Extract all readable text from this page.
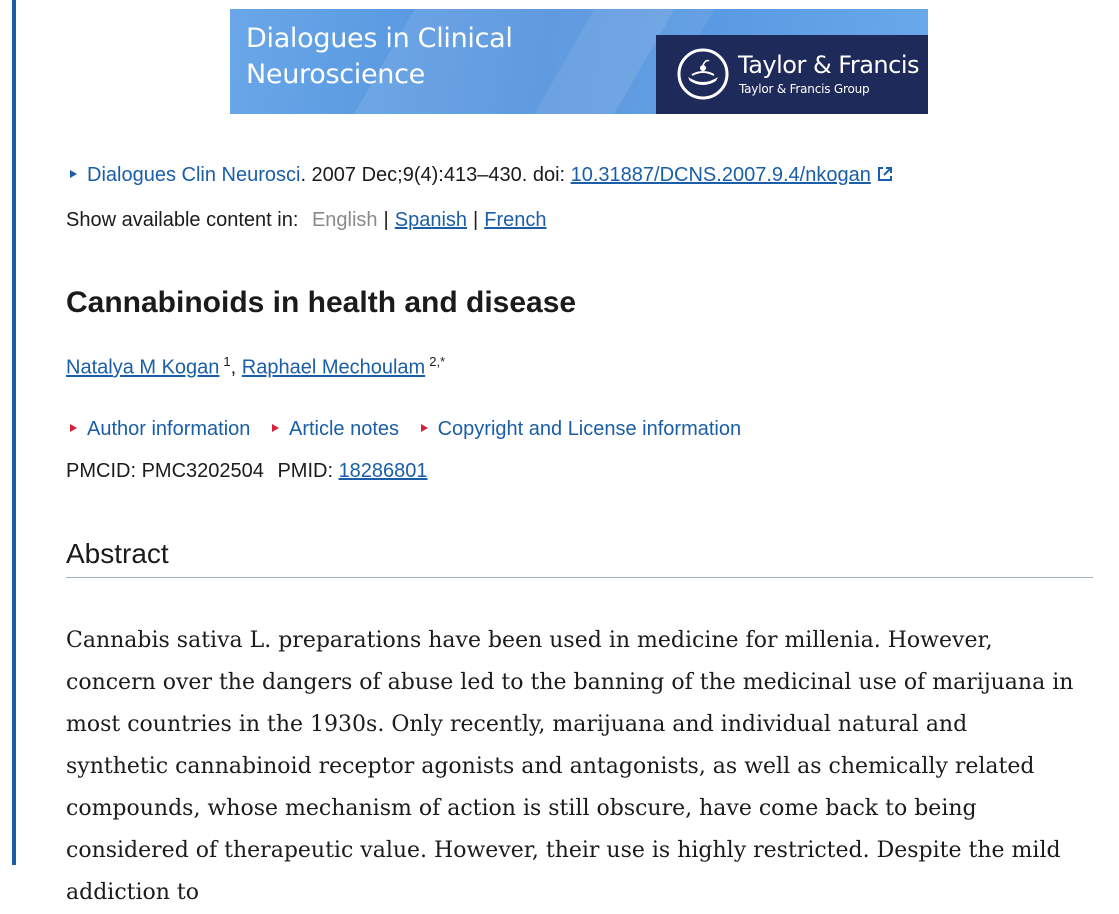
Dialogues in Clinical Neuroscience	Taylor & Francis
Taylor & Francis Group
Dialogues Clin Neurosci. 2007 Dec;9(4):413–430. doi: 10.31887/DCNS.2007.9.4/nkogan
Show available content in: English | Spanish | French
Cannabinoids in health and disease
Natalya M Kogan $^1$, Raphael Mechoulam $^{2,*}$
Author information Article notes Copyright and License information
PMCID: PMC3202504 PMID: 18286801
Abstract

Cannabis sativa L. preparations have been used in medicine for millenia. However, concern over the dangers of abuse led to the banning of the medicinal use of marijuana in most countries in the 1930s. Only recently, marijuana and individual natural and synthetic cannabinoid receptor agonists and antagonists, as well as chemically related compounds, whose mechanism of action is still obscure, have come back to being considered of therapeutic value. However, their use is highly restricted. Despite the mild addiction to
